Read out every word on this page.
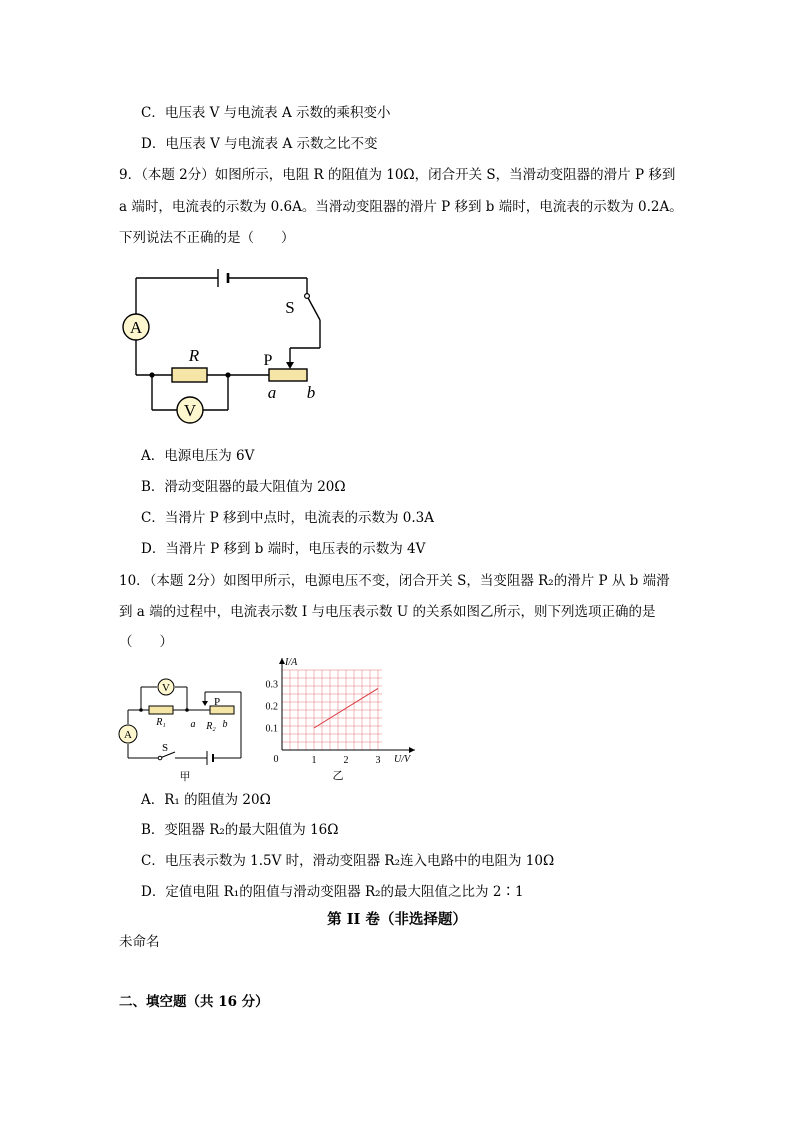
C．电压表 V 与电流表 A 示数的乘积变小
D．电压表 V 与电流表 A 示数之比不变
9．（本题 2分）如图所示，电阻 R 的阻值为 10Ω，闭合开关 S，当滑动变阻器的滑片 P 移到
a 端时，电流表的示数为 0.6A。当滑动变阻器的滑片 P 移到 b 端时，电流表的示数为 0.2A。
下列说法不正确的是（　　）
A
V
R
S
P
a b
A．电源电压为 6V
B．滑动变阻器的最大阻值为 20Ω
C．当滑片 P 移到中点时，电流表的示数为 0.3A
D．当滑片 P 移到 b 端时，电压表的示数为 4V
10．（本题 2分）如图甲所示，电源电压不变，闭合开关 S，当变阻器 R₂的滑片 P 从 b 端滑
到 a 端的过程中，电流表示数 I 与电压表示数 U 的关系如图乙所示，则下列选项正确的是
（　　）
V
A
R₁	R₂
a	b
P
S
甲
1	2	3
0.1
0.2
0.3
I/A
U/V
0
乙
A．R₁ 的阻值为 20Ω
B．变阻器 R₂的最大阻值为 16Ω
C．电压表示数为 1.5V 时，滑动变阻器 R₂连入电路中的电阻为 10Ω
D．定值电阻 R₁的阻值与滑动变阻器 R₂的最大阻值之比为 2∶1
第 II 卷（非选择题）
未命名
二、填空题（共 16 分）
